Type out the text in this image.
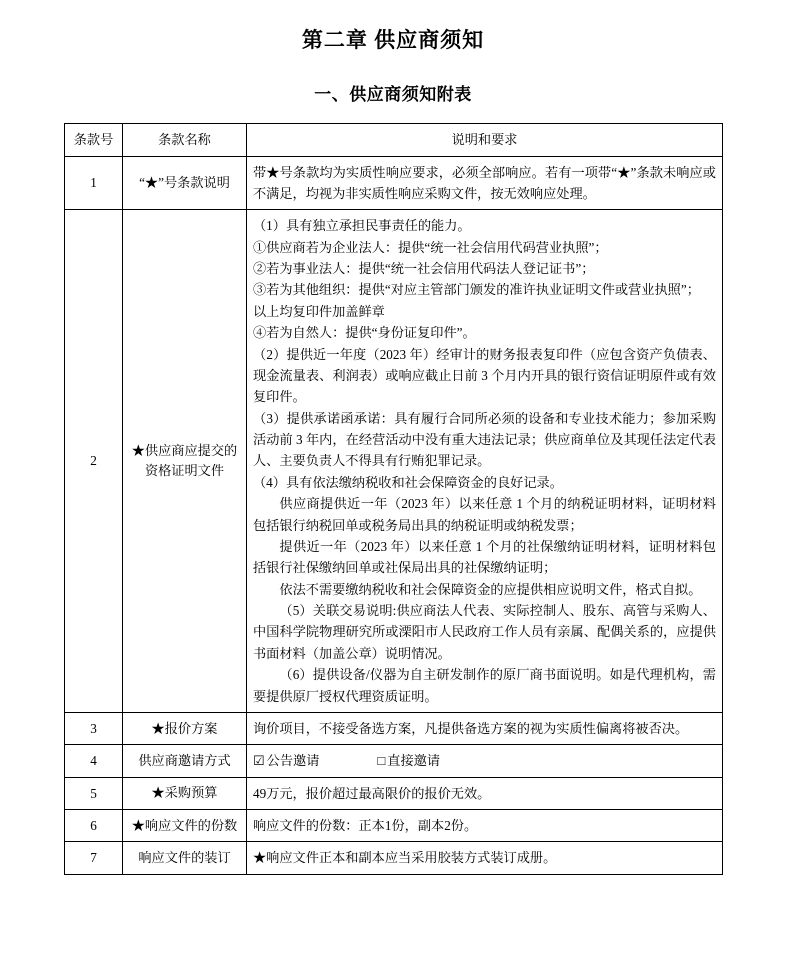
第二章 供应商须知
一、供应商须知附表
条款号	条款名称	说明和要求
1	“★”号条款说明	带★号条款均为实质性响应要求，必须全部响应。若有一项带“★”条款未响应或不满足，均视为非实质性响应采购文件，按无效响应处理。

2	★供应商应提交的资格证明文件	

（1）具有独立承担民事责任的能力。

①供应商若为企业法人：提供“统一社会信用代码营业执照”；

②若为事业法人：提供“统一社会信用代码法人登记证书”；

③若为其他组织：提供“对应主管部门颁发的准许执业证明文件或营业执照”；

以上均复印件加盖鲜章

④若为自然人：提供“身份证复印件”。

（2）提供近一年度（2023 年）经审计的财务报表复印件（应包含资产负债表、现金流量表、利润表）或响应截止日前 3 个月内开具的银行资信证明原件或有效复印件。

（3）提供承诺函承诺：具有履行合同所必须的设备和专业技术能力；参加采购活动前 3 年内，在经营活动中没有重大违法记录；供应商单位及其现任法定代表人、主要负责人不得具有行贿犯罪记录。

（4）具有依法缴纳税收和社会保障资金的良好记录。

供应商提供近一年（2023 年）以来任意 1 个月的纳税证明材料，证明材料包括银行纳税回单或税务局出具的纳税证明或纳税发票；

提供近一年（2023 年）以来任意 1 个月的社保缴纳证明材料，证明材料包括银行社保缴纳回单或社保局出具的社保缴纳证明；

依法不需要缴纳税收和社会保障资金的应提供相应说明文件，格式自拟。

（5）关联交易说明:供应商法人代表、实际控制人、股东、高管与采购人、中国科学院物理研究所或溧阳市人民政府工作人员有亲属、配偶关系的，应提供书面材料（加盖公章）说明情况。

（6）提供设备/仪器为自主研发制作的原厂商书面说明。如是代理机构，需要提供原厂授权代理资质证明。

3	★报价方案	询价项目，不接受备选方案，凡提供备选方案的视为实质性偏离将被否决。

4	供应商邀请方式	☑ 公告邀请 □ 直接邀请

5	★采购预算	49万元，报价超过最高限价的报价无效。

6	★响应文件的份数	响应文件的份数：正本1份，副本2份。

7	响应文件的装订	★响应文件正本和副本应当采用胶装方式装订成册。
